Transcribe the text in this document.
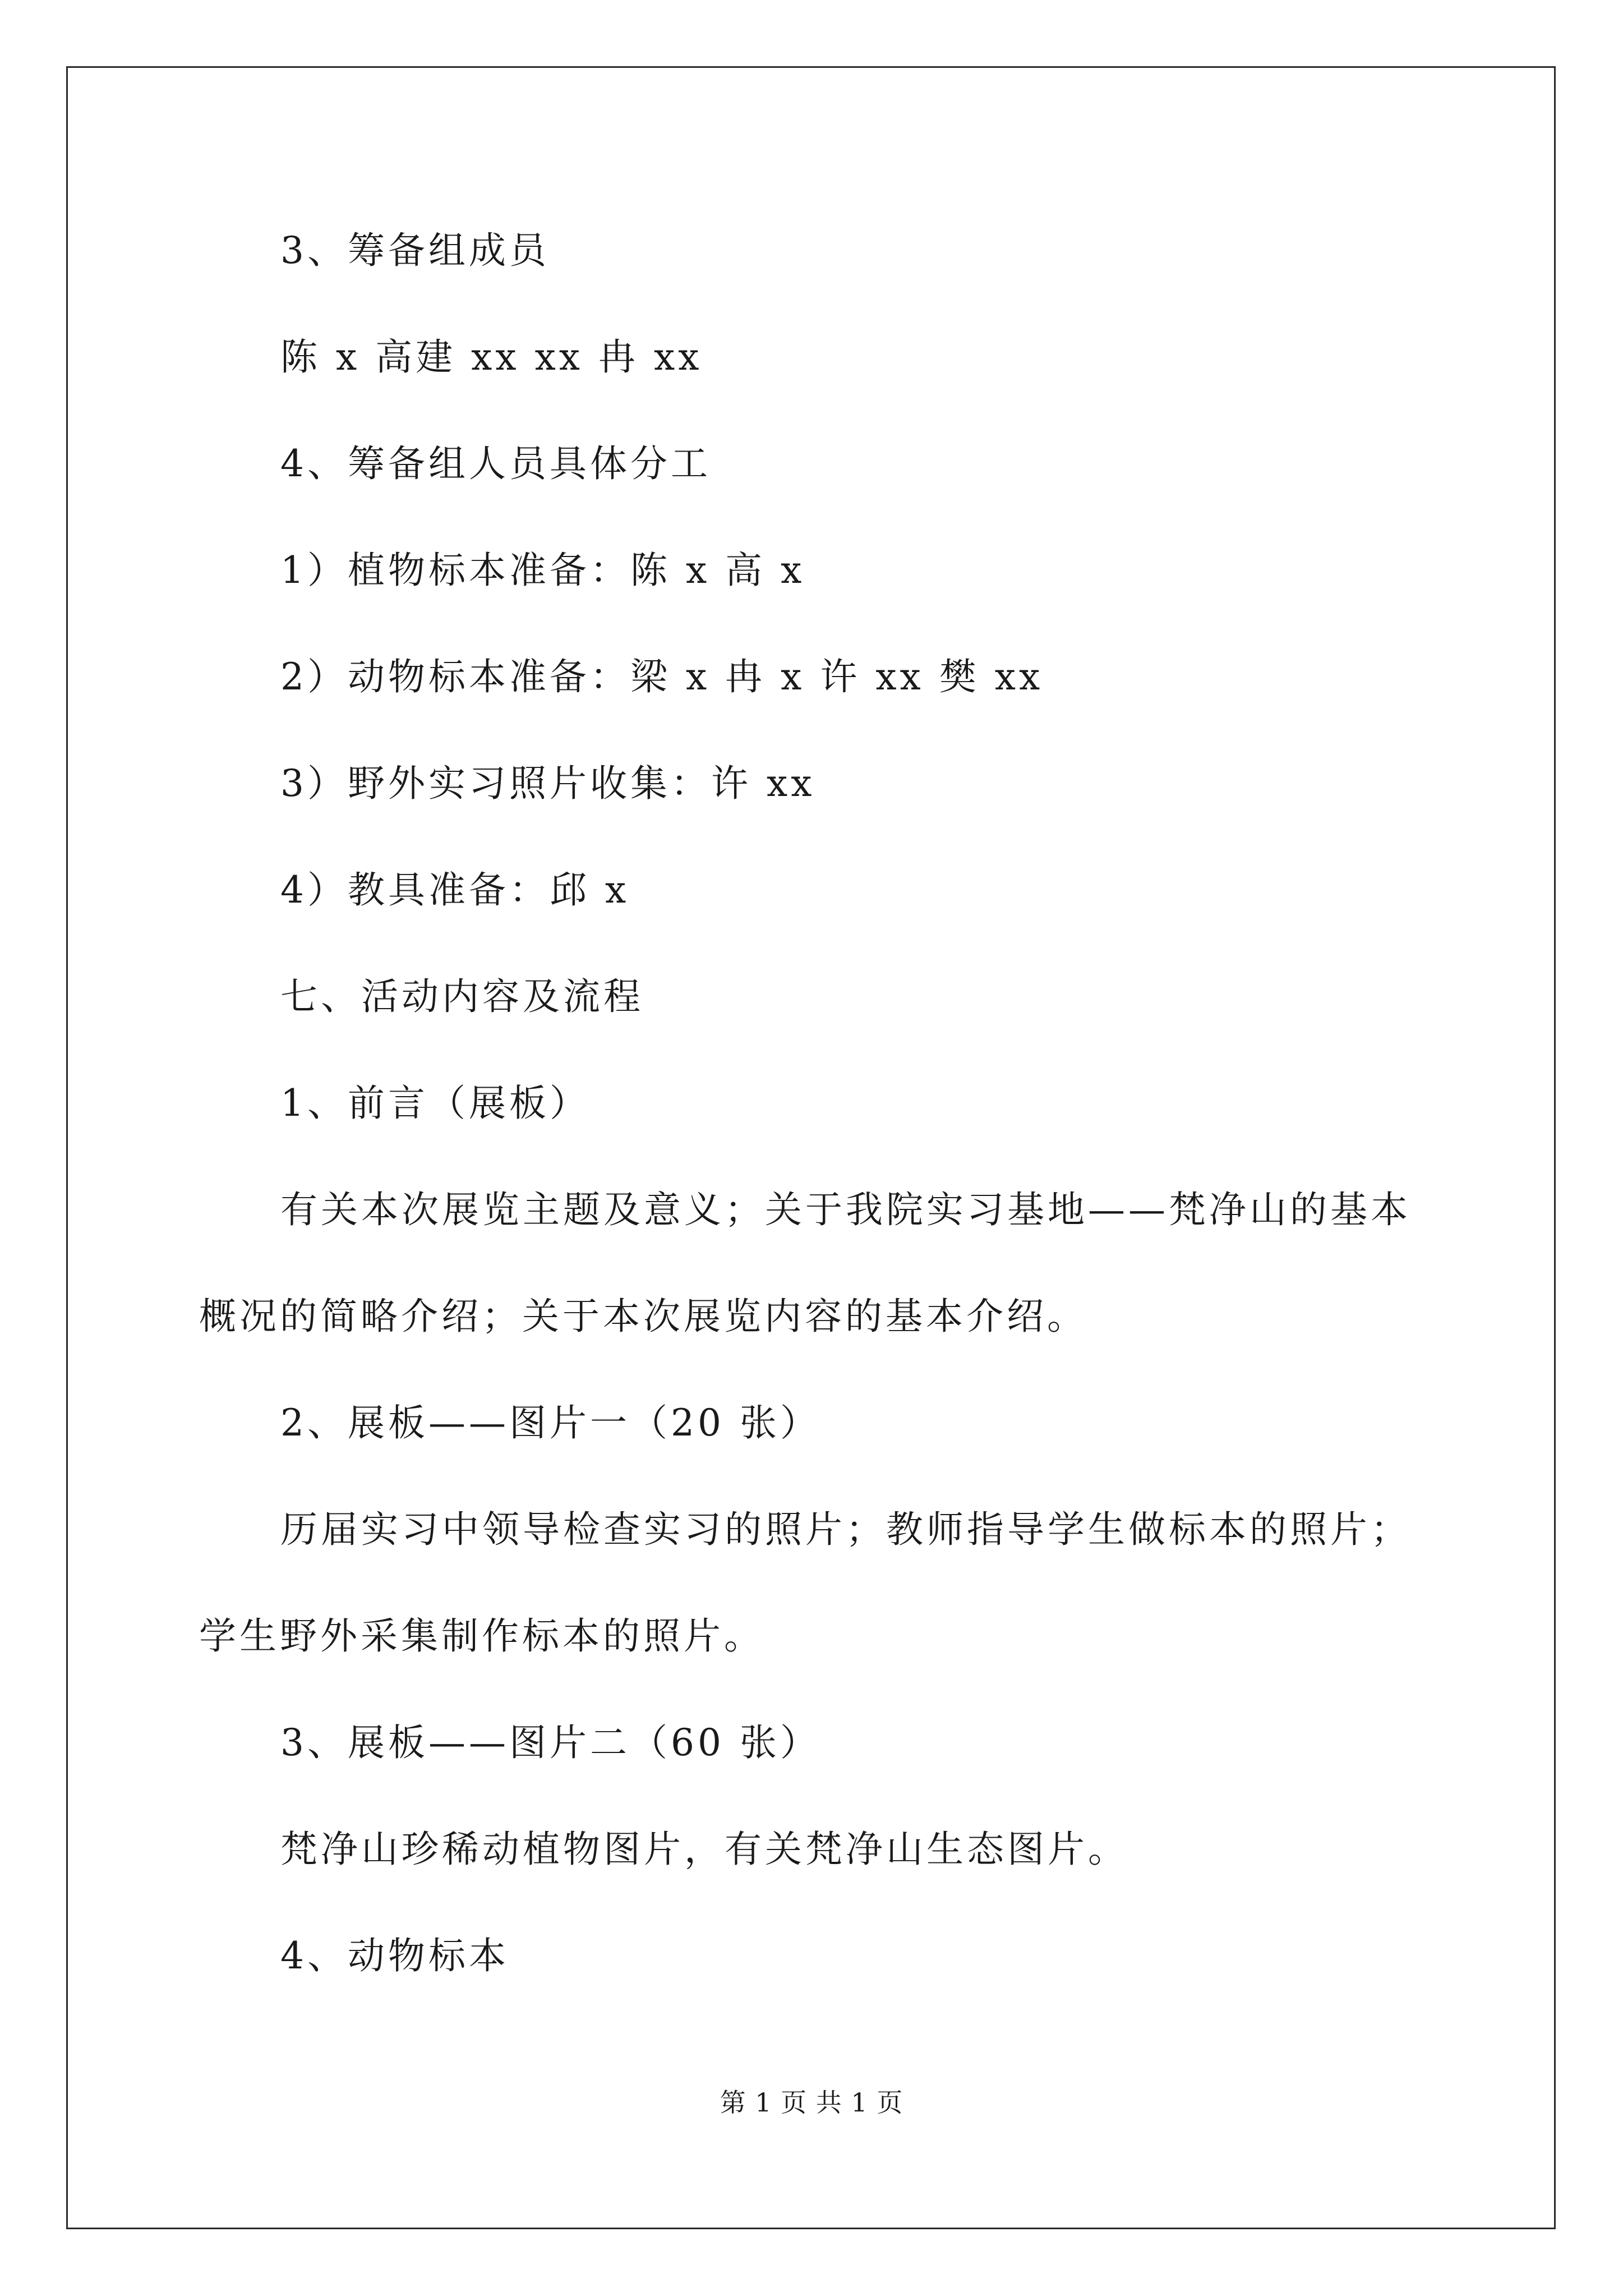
3、筹备组成员
陈 x 高建 xx xx 冉 xx
4、筹备组人员具体分工
1）植物标本准备：陈 x 高 x
2）动物标本准备：梁 x 冉 x 许 xx 樊 xx
3）野外实习照片收集：许 xx
4）教具准备：邱 x
七、活动内容及流程
1、前言（展板）
有关本次展览主题及意义；关于我院实习基地——梵净山的基本
概况的简略介绍；关于本次展览内容的基本介绍。
2、展板——图片一（20 张）
历届实习中领导检查实习的照片；教师指导学生做标本的照片；
学生野外采集制作标本的照片。
3、展板——图片二（60 张）
梵净山珍稀动植物图片，有关梵净山生态图片。
4、动物标本
第 1 页 共 1 页
